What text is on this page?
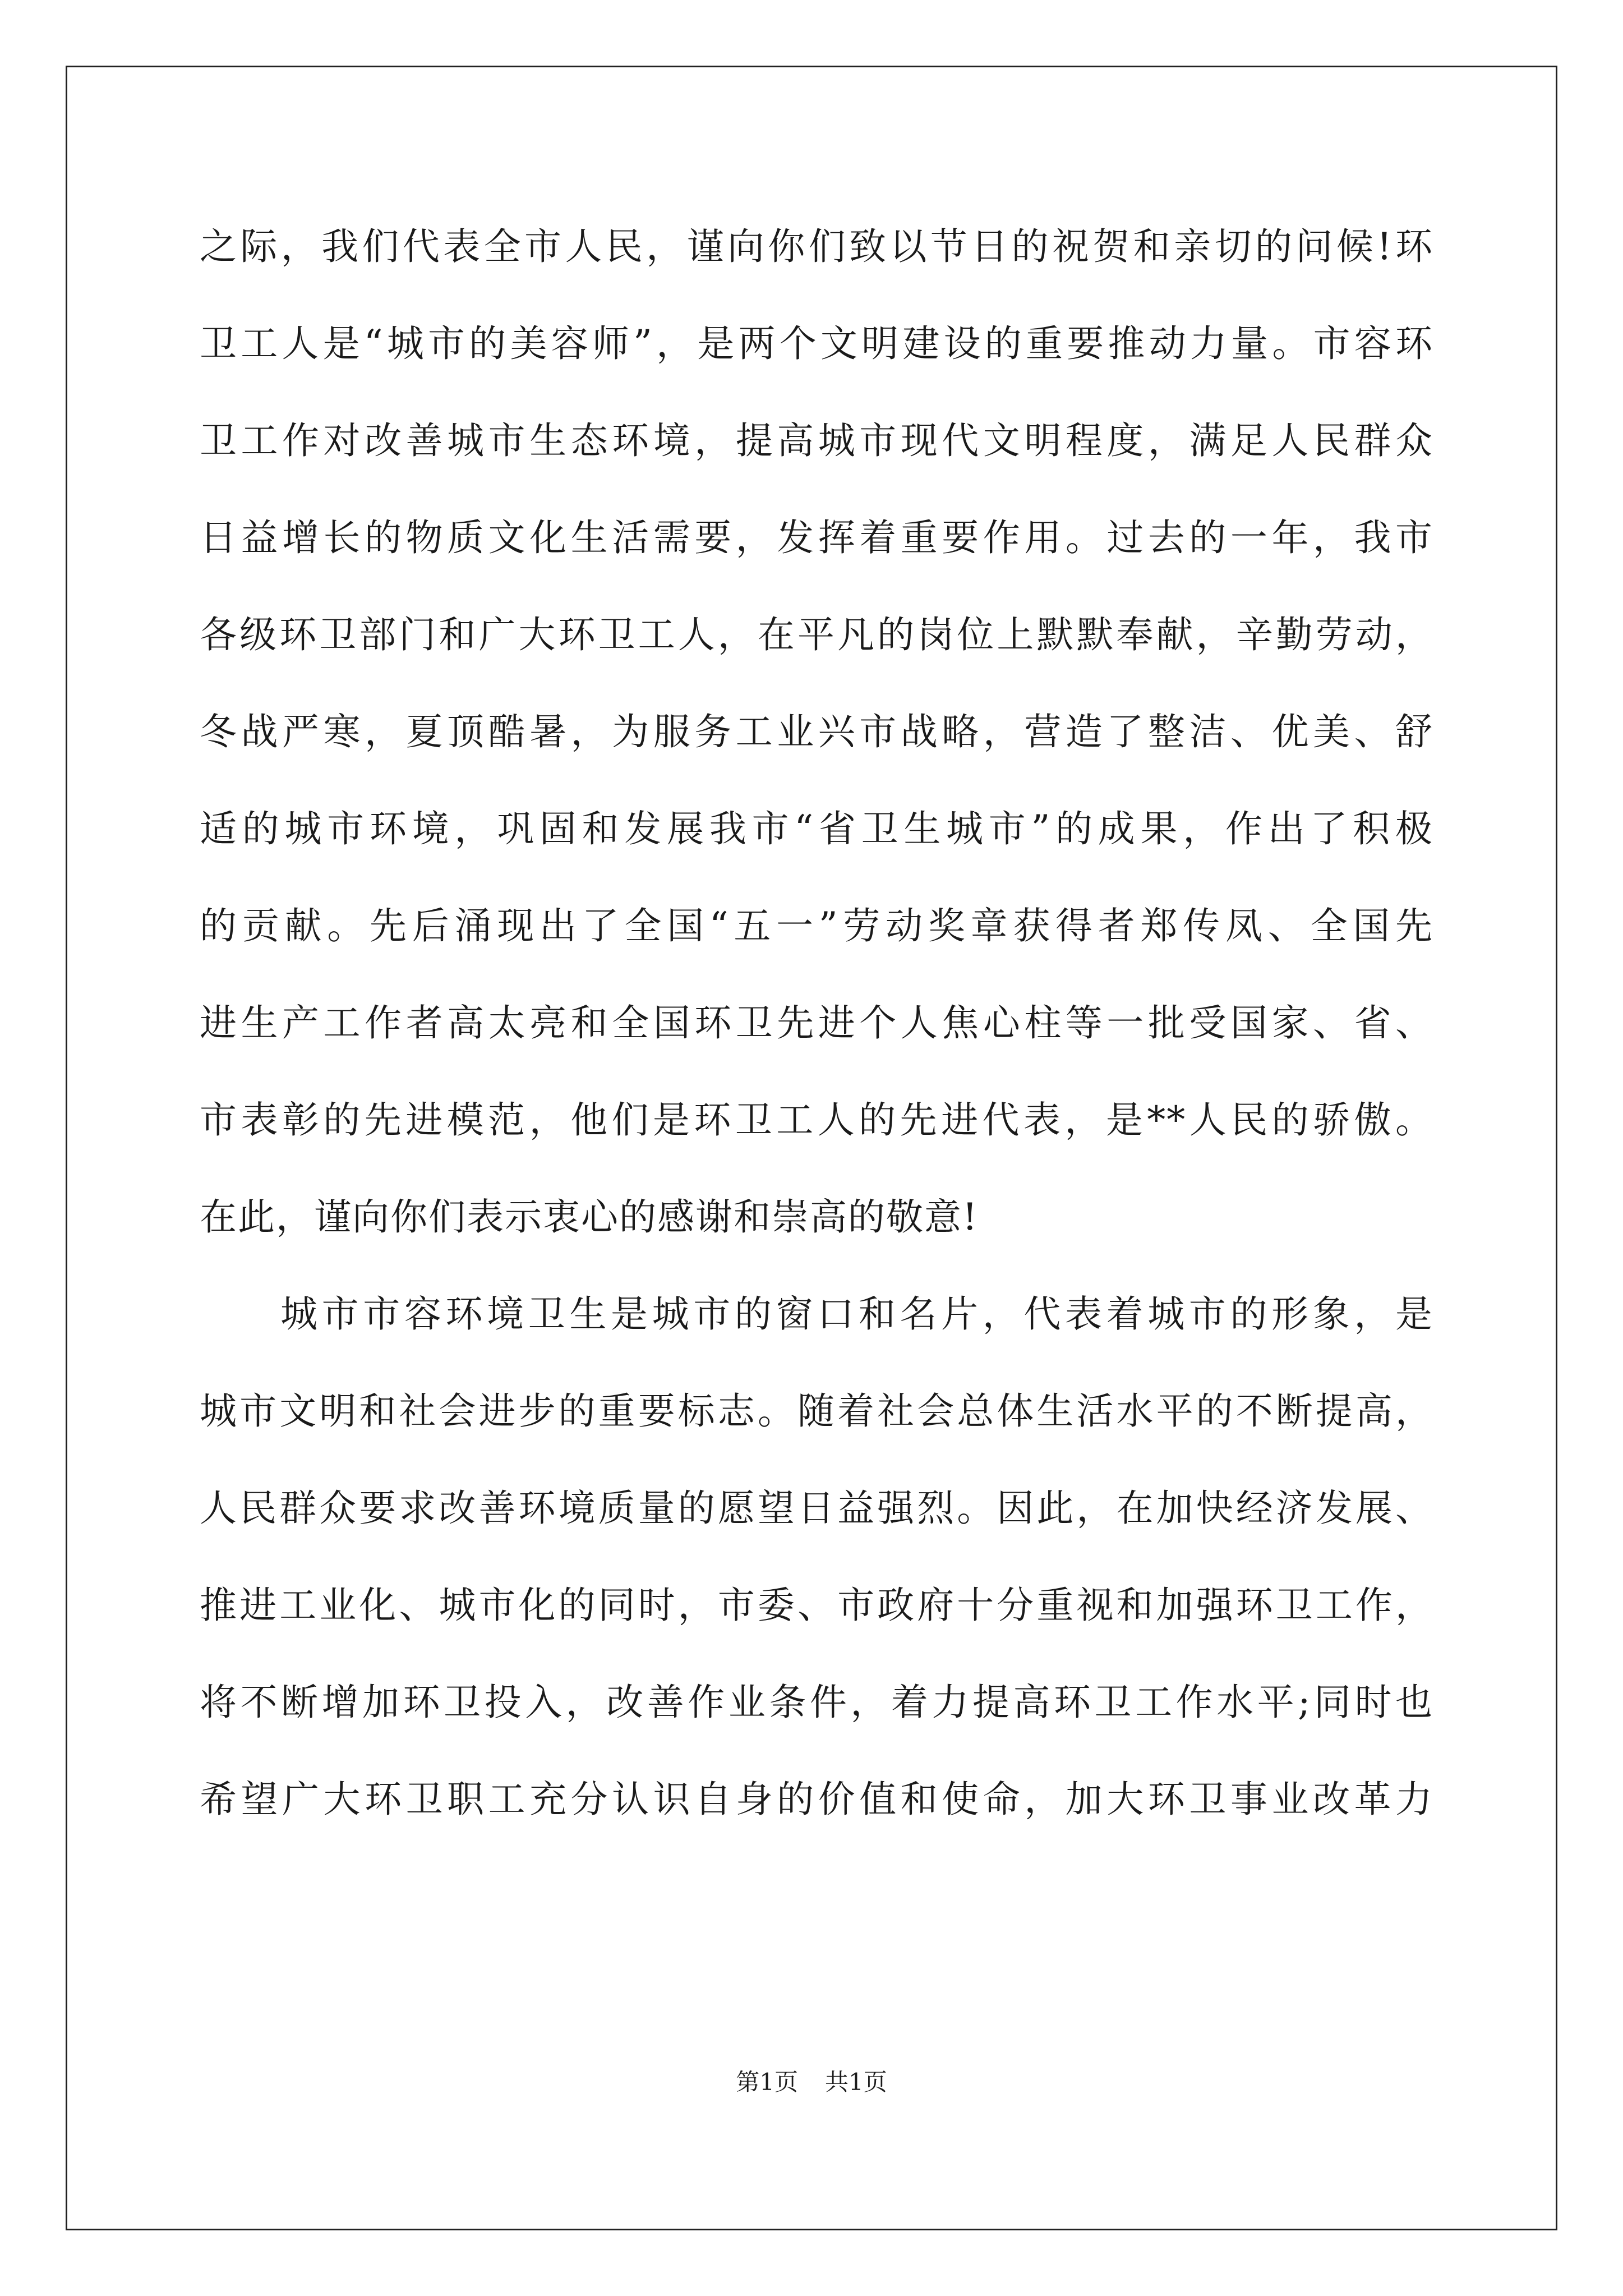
之际，我们代表全市人民，谨向你们致以节日的祝贺和亲切的问候!环
卫工人是“城市的美容师”，是两个文明建设的重要推动力量。市容环
卫工作对改善城市生态环境，提高城市现代文明程度，满足人民群众
日益增长的物质文化生活需要，发挥着重要作用。过去的一年，我市
各级环卫部门和广大环卫工人，在平凡的岗位上默默奉献，辛勤劳动，
冬战严寒，夏顶酷暑，为服务工业兴市战略，营造了整洁、优美、舒
适的城市环境，巩固和发展我市“省卫生城市”的成果，作出了积极
的贡献。先后涌现出了全国“五一”劳动奖章获得者郑传凤、全国先
进生产工作者高太亮和全国环卫先进个人焦心柱等一批受国家、省、
市表彰的先进模范，他们是环卫工人的先进代表，是**人民的骄傲。
在此，谨向你们表示衷心的感谢和崇高的敬意!
城市市容环境卫生是城市的窗口和名片，代表着城市的形象，是
城市文明和社会进步的重要标志。随着社会总体生活水平的不断提高，
人民群众要求改善环境质量的愿望日益强烈。因此，在加快经济发展、
推进工业化、城市化的同时，市委、市政府十分重视和加强环卫工作，
将不断增加环卫投入，改善作业条件，着力提高环卫工作水平;同时也
希望广大环卫职工充分认识自身的价值和使命，加大环卫事业改革力
第1页 共1页
